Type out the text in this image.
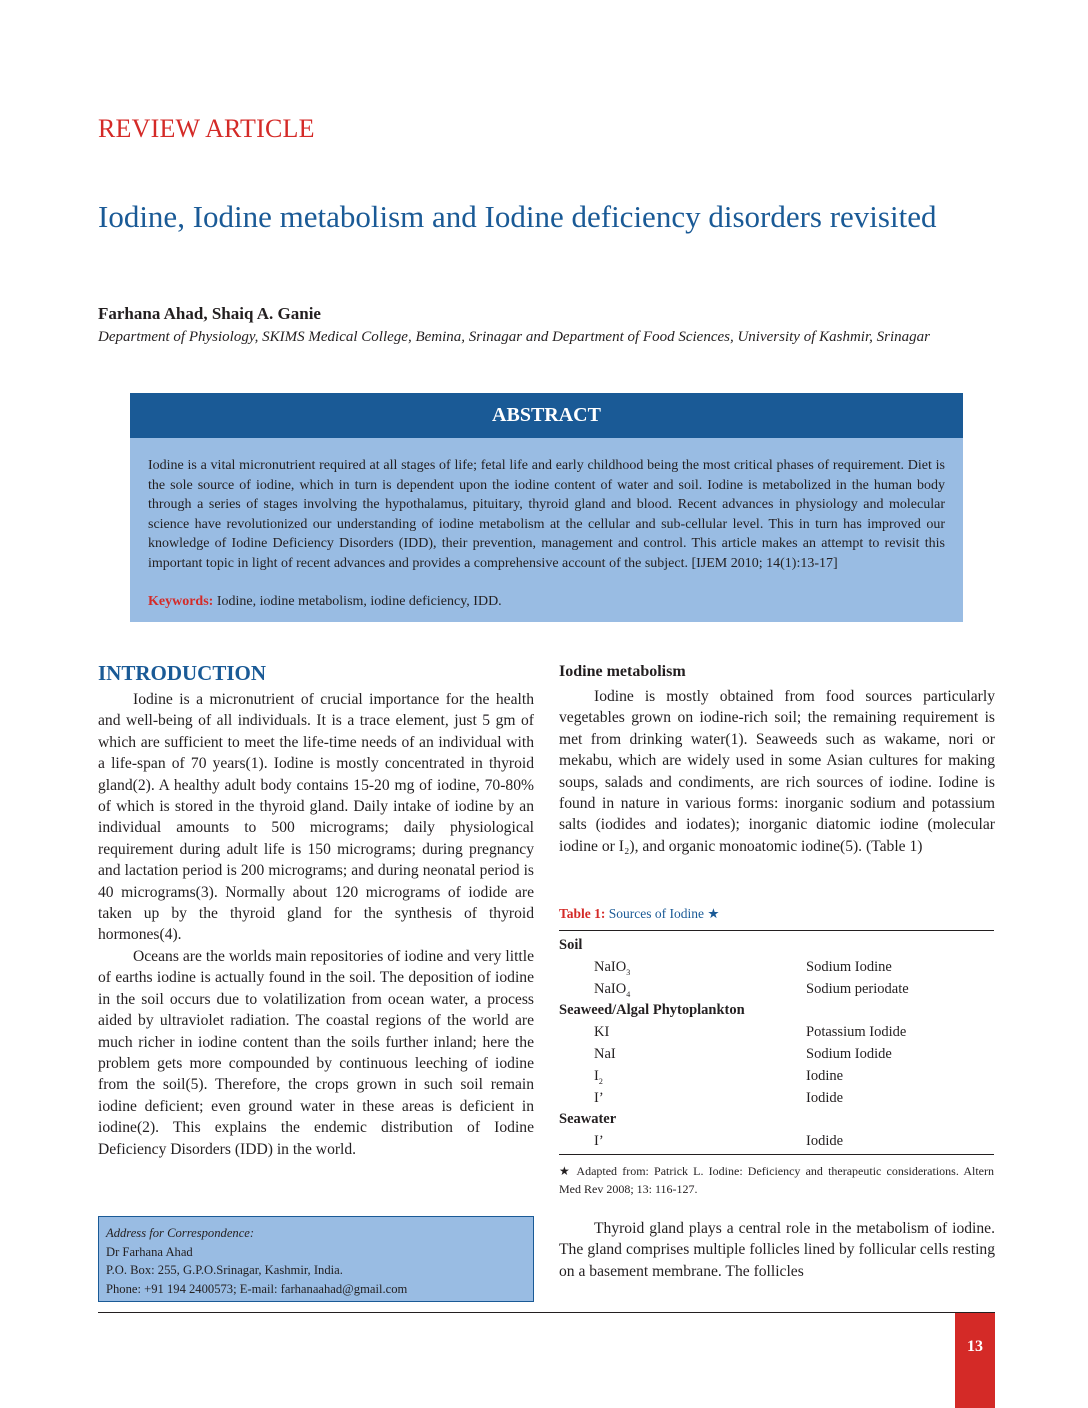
REVIEW ARTICLE
Iodine, Iodine metabolism and Iodine deficiency disorders revisited
Farhana Ahad, Shaiq A. Ganie
Department of Physiology, SKIMS Medical College, Bemina, Srinagar and Department of Food Sciences, University of Kashmir, Srinagar
ABSTRACT
Iodine is a vital micronutrient required at all stages of life; fetal life and early childhood being the most critical phases of requirement. Diet is the sole source of iodine, which in turn is dependent upon the iodine content of water and soil. Iodine is metabolized in the human body through a series of stages involving the hypothalamus, pituitary, thyroid gland and blood. Recent advances in physiology and molecular science have revolutionized our understanding of iodine metabolism at the cellular and sub-cellular level. This in turn has improved our knowledge of Iodine Deficiency Disorders (IDD), their prevention, management and control. This article makes an attempt to revisit this important topic in light of recent advances and provides a comprehensive account of the subject. [IJEM 2010; 14(1):13-17]
Keywords: Iodine, iodine metabolism, iodine deficiency, IDD.
INTRODUCTION

Iodine is a micronutrient of crucial importance for the health and well-being of all individuals. It is a trace element, just 5 gm of which are sufficient to meet the life-time needs of an individual with a life-span of 70 years(1). Iodine is mostly concentrated in thyroid gland(2). A healthy adult body contains 15-20 mg of iodine, 70-80% of which is stored in the thyroid gland. Daily intake of iodine by an individual amounts to 500 micrograms; daily physiological requirement during adult life is 150 micrograms; during pregnancy and lactation period is 200 micrograms; and during neonatal period is 40 micrograms(3). Normally about 120 micrograms of iodide are taken up by the thyroid gland for the synthesis of thyroid hormones(4).

Oceans are the worlds main repositories of iodine and very little of earths iodine is actually found in the soil. The deposition of iodine in the soil occurs due to volatilization from ocean water, a process aided by ultraviolet radiation. The coastal regions of the world are much richer in iodine content than the soils further inland; here the problem gets more compounded by continuous leeching of iodine from the soil(5). Therefore, the crops grown in such soil remain iodine deficient; even ground water in these areas is deficient in iodine(2). This explains the endemic distribution of Iodine Deficiency Disorders (IDD) in the world.

Address for Correspondence:
Dr Farhana Ahad
P.O. Box: 255, G.P.O.Srinagar, Kashmir, India.
Phone: +91 194 2400573; E-mail: farhanaahad@gmail.com
Iodine metabolism

Iodine is mostly obtained from food sources particularly vegetables grown on iodine-rich soil; the remaining requirement is met from drinking water(1). Seaweeds such as wakame, nori or mekabu, which are widely used in some Asian cultures for making soups, salads and condiments, are rich sources of iodine. Iodine is found in nature in various forms: inorganic sodium and potassium salts (iodides and iodates); inorganic diatomic iodine (molecular iodine or I₂), and organic monoatomic iodine(5). (Table 1)

Table 1: Sources of Iodine ★
Soil
NaIO$_3$	Sodium Iodine
NaIO$_4$	Sodium periodate
Seaweed/Algal Phytoplankton
KI	Potassium Iodide
NaI	Sodium Iodide
$I_2$	Iodine
I’	Iodide
Seawater
I’	Iodide
★ Adapted from: Patrick L. Iodine: Deficiency and therapeutic considerations. Altern Med Rev 2008; 13: 116-127.

Thyroid gland plays a central role in the metabolism of iodine. The gland comprises multiple follicles lined by follicular cells resting on a basement membrane. The follicles

13
